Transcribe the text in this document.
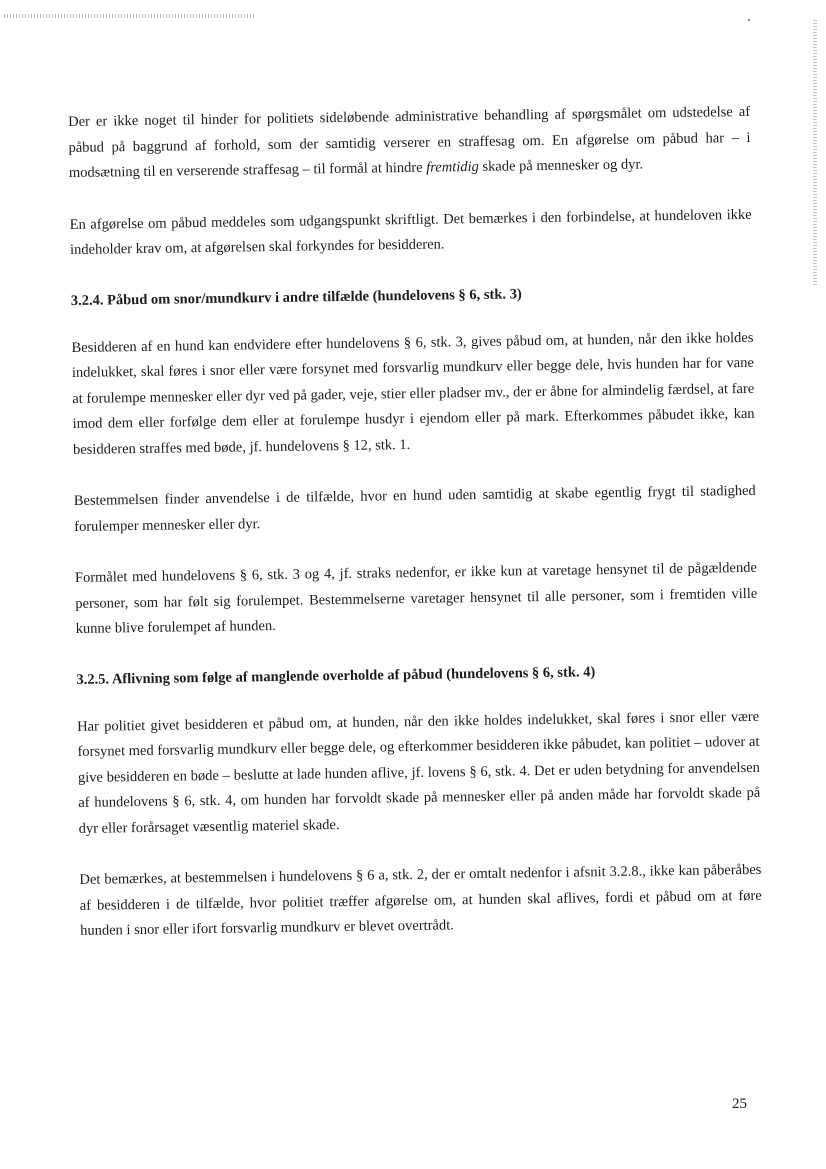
Der er ikke noget til hinder for politiets sideløbende administrative behandling af spørgsmålet om udstedelse af påbud på baggrund af forhold, som der samtidig verserer en straffesag om. En afgørelse om påbud har – i modsætning til en verserende straffesag – til formål at hindre fremtidig skade på mennesker og dyr.

En afgørelse om påbud meddeles som udgangspunkt skriftligt. Det bemærkes i den forbindelse, at hundeloven ikke indeholder krav om, at afgørelsen skal forkyndes for besidderen.

3.2.4. Påbud om snor/mundkurv i andre tilfælde (hundelovens § 6, stk. 3)

Besidderen af en hund kan endvidere efter hundelovens § 6, stk. 3, gives påbud om, at hunden, når den ikke holdes indelukket, skal føres i snor eller være forsynet med forsvarlig mundkurv eller begge dele, hvis hunden har for vane at forulempe mennesker eller dyr ved på gader, veje, stier eller pladser mv., der er åbne for almindelig færdsel, at fare imod dem eller forfølge dem eller at forulempe husdyr i ejendom eller på mark. Efterkommes påbudet ikke, kan besidderen straffes med bøde, jf. hundelovens § 12, stk. 1.

Bestemmelsen finder anvendelse i de tilfælde, hvor en hund uden samtidig at skabe egentlig frygt til stadighed forulemper mennesker eller dyr.

Formålet med hundelovens § 6, stk. 3 og 4, jf. straks nedenfor, er ikke kun at varetage hensynet til de pågældende personer, som har følt sig forulempet. Bestemmelserne varetager hensynet til alle personer, som i fremtiden ville kunne blive forulempet af hunden.

3.2.5. Aflivning som følge af manglende overholde af påbud (hundelovens § 6, stk. 4)

Har politiet givet besidderen et påbud om, at hunden, når den ikke holdes indelukket, skal føres i snor eller være forsynet med forsvarlig mundkurv eller begge dele, og efterkommer besidderen ikke påbudet, kan politiet – udover at give besidderen en bøde – beslutte at lade hunden aflive, jf. lovens § 6, stk. 4. Det er uden betydning for anvendelsen af hundelovens § 6, stk. 4, om hunden har forvoldt skade på mennesker eller på anden måde har forvoldt skade på dyr eller forårsaget væsentlig materiel skade.

Det bemærkes, at bestemmelsen i hundelovens § 6 a, stk. 2, der er omtalt nedenfor i afsnit 3.2.8., ikke kan påberåbes af besidderen i de tilfælde, hvor politiet træffer afgørelse om, at hunden skal aflives, fordi et påbud om at føre hunden i snor eller ifort forsvarlig mundkurv er blevet overtrådt.

25
